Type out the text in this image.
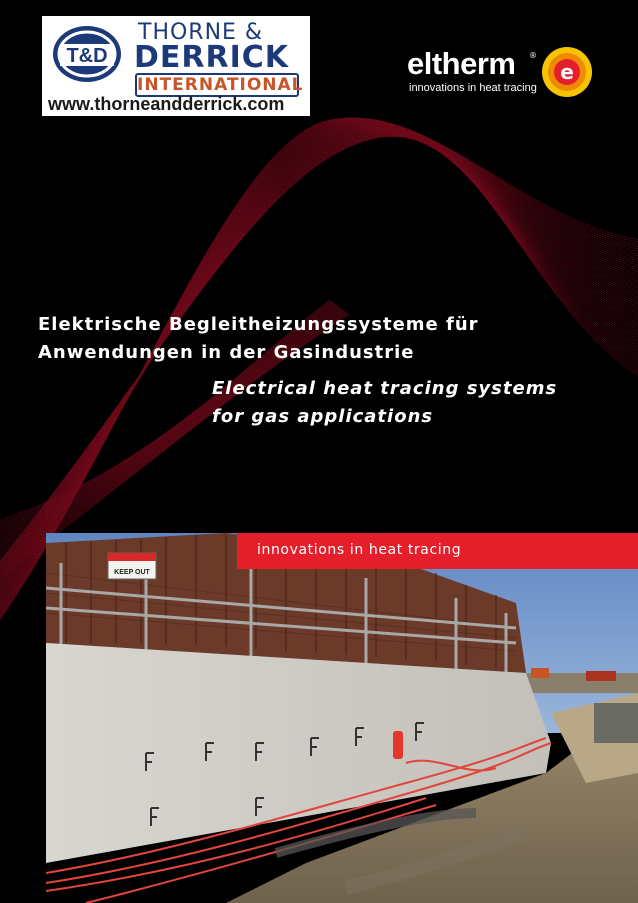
T&D
THORNE &
DERRICK
INTERNATIONAL
www.thorneandderrick.com
eltherm ®
innovations in heat tracing
e
Elektrische Begleitheizungssysteme für
Anwendungen in der Gasindustrie
Electrical heat tracing systems
for gas applications
KEEP OUT
innovations in heat tracing
